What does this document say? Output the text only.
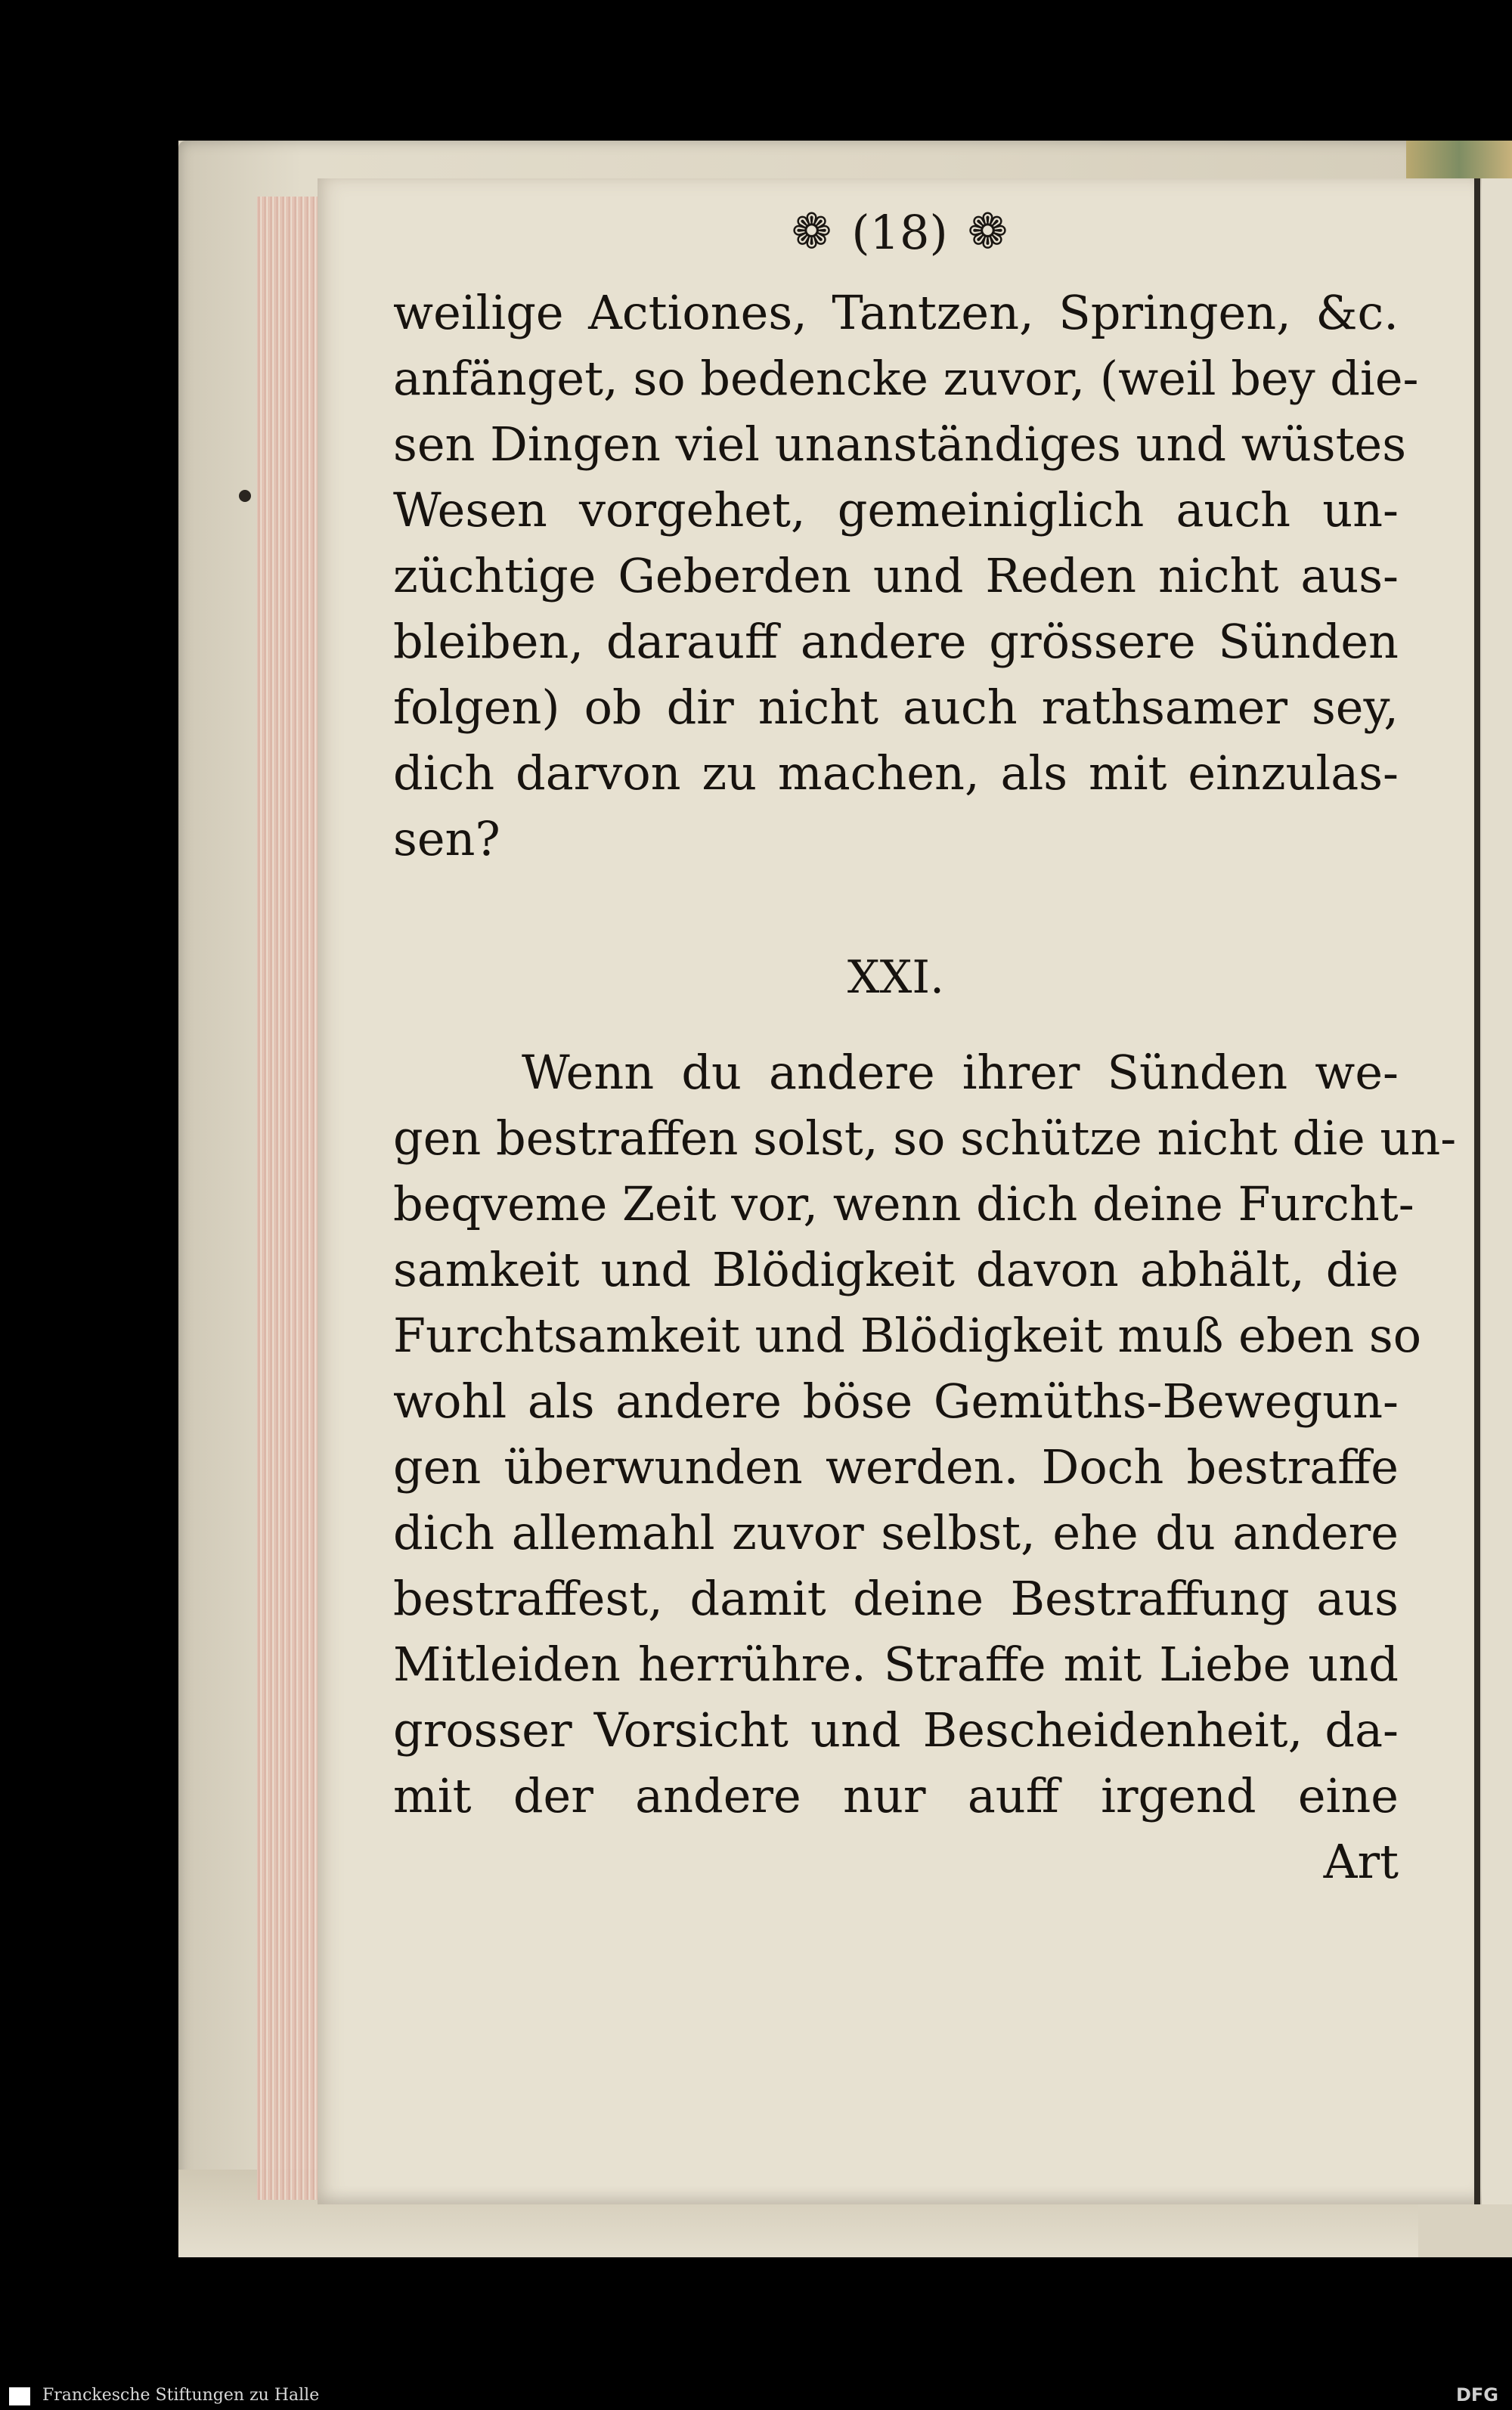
❁ (18) ❁
weilige Actiones, Tantzen, Springen, &c.
anfänget, so bedencke zuvor, (weil bey die-
sen Dingen viel unanständiges und wüstes
Wesen vorgehet, gemeiniglich auch un-
züchtige Geberden und Reden nicht aus-
bleiben, darauff andere grössere Sünden
folgen) ob dir nicht auch rathsamer sey,
dich darvon zu machen, als mit einzulas-
sen?
XXI.
Wenn du andere ihrer Sünden we-
gen bestraffen solst, so schütze nicht die un-
beqveme Zeit vor, wenn dich deine Furcht-
samkeit und Blödigkeit davon abhält, die
Furchtsamkeit und Blödigkeit muß eben so
wohl als andere böse Gemüths-Bewegun-
gen überwunden werden. Doch bestraffe
dich allemahl zuvor selbst, ehe du andere
bestraffest, damit deine Bestraffung aus
Mitleiden herrühre. Straffe mit Liebe und
grosser Vorsicht und Bescheidenheit, da-
mit der andere nur auff irgend eine
Art
Franckesche Stiftungen zu Halle	DFG
